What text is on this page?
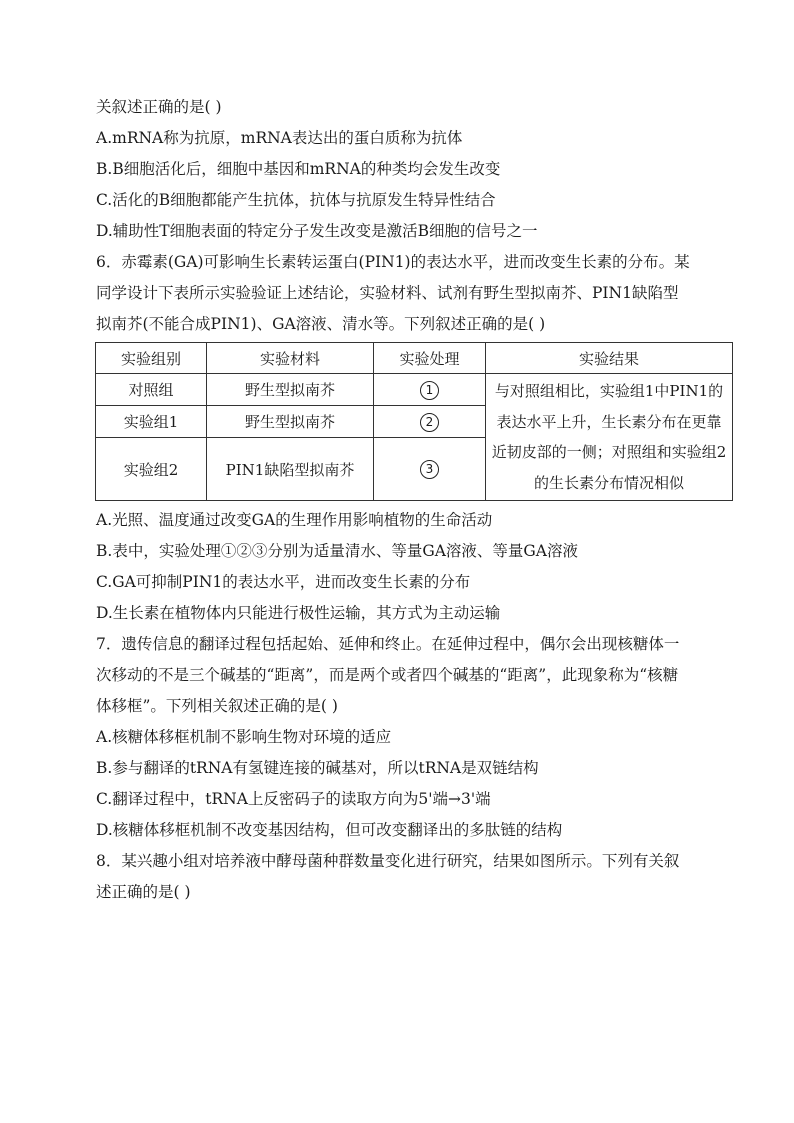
关叙述正确的是( )
A.mRNA称为抗原，mRNA表达出的蛋白质称为抗体
B.B细胞活化后，细胞中基因和mRNA的种类均会发生改变
C.活化的B细胞都能产生抗体，抗体与抗原发生特异性结合
D.辅助性T细胞表面的特定分子发生改变是激活B细胞的信号之一
6．赤霉素(GA)可影响生长素转运蛋白(PIN1)的表达水平，进而改变生长素的分布。某
同学设计下表所示实验验证上述结论，实验材料、试剂有野生型拟南芥、PIN1缺陷型
拟南芥(不能合成PIN1)、GA溶液、清水等。下列叙述正确的是( )
实验组别	实验材料	实验处理	实验结果
对照组	野生型拟南芥	1	与对照组相比，实验组1中PIN1的表达水平上升，生长素分布在更靠近韧皮部的一侧；对照组和实验组2的生长素分布情况相似

实验组1	野生型拟南芥	2	
实验组2	PIN1缺陷型拟南芥	3	
A.光照、温度通过改变GA的生理作用影响植物的生命活动
B.表中，实验处理①②③分别为适量清水、等量GA溶液、等量GA溶液
C.GA可抑制PIN1的表达水平，进而改变生长素的分布
D.生长素在植物体内只能进行极性运输，其方式为主动运输
7．遗传信息的翻译过程包括起始、延伸和终止。在延伸过程中，偶尔会出现核糖体一
次移动的不是三个碱基的“距离”，而是两个或者四个碱基的“距离”，此现象称为“核糖
体移框”。下列相关叙述正确的是( )
A.核糖体移框机制不影响生物对环境的适应
B.参与翻译的tRNA有氢键连接的碱基对，所以tRNA是双链结构
C.翻译过程中，tRNA上反密码子的读取方向为5'端→3'端
D.核糖体移框机制不改变基因结构，但可改变翻译出的多肽链的结构
8．某兴趣小组对培养液中酵母菌种群数量变化进行研究，结果如图所示。下列有关叙
述正确的是( )
